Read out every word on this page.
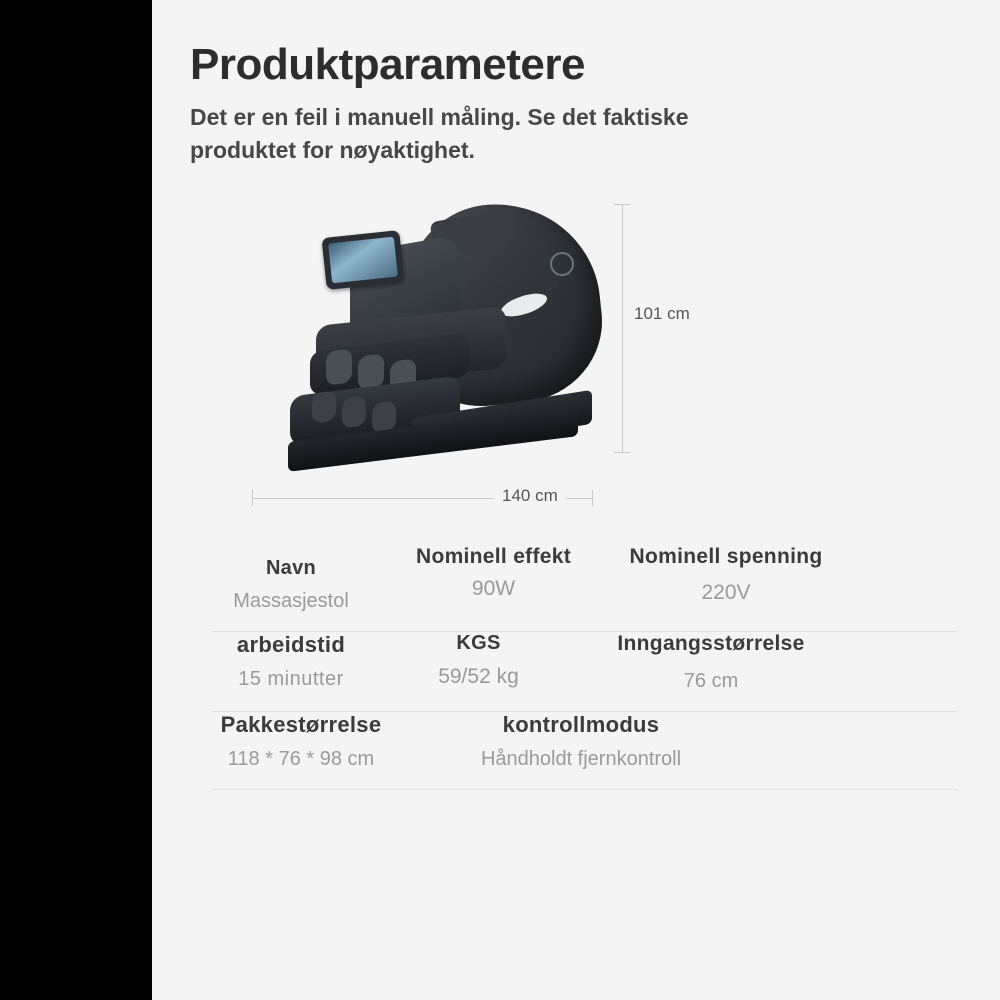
Produktparametere

Det er en feil i manuell måling. Se det faktiske produktet for nøyaktighet.

101 cm
140 cm
Navn
Massasjestol
Nominell effekt
90W
Nominell spenning
220V
arbeidstid
15 minutter
KGS
59/52 kg
Inngangsstørrelse
76 cm
Pakkestørrelse
118 * 76 * 98 cm
kontrollmodus
Håndholdt fjernkontroll
